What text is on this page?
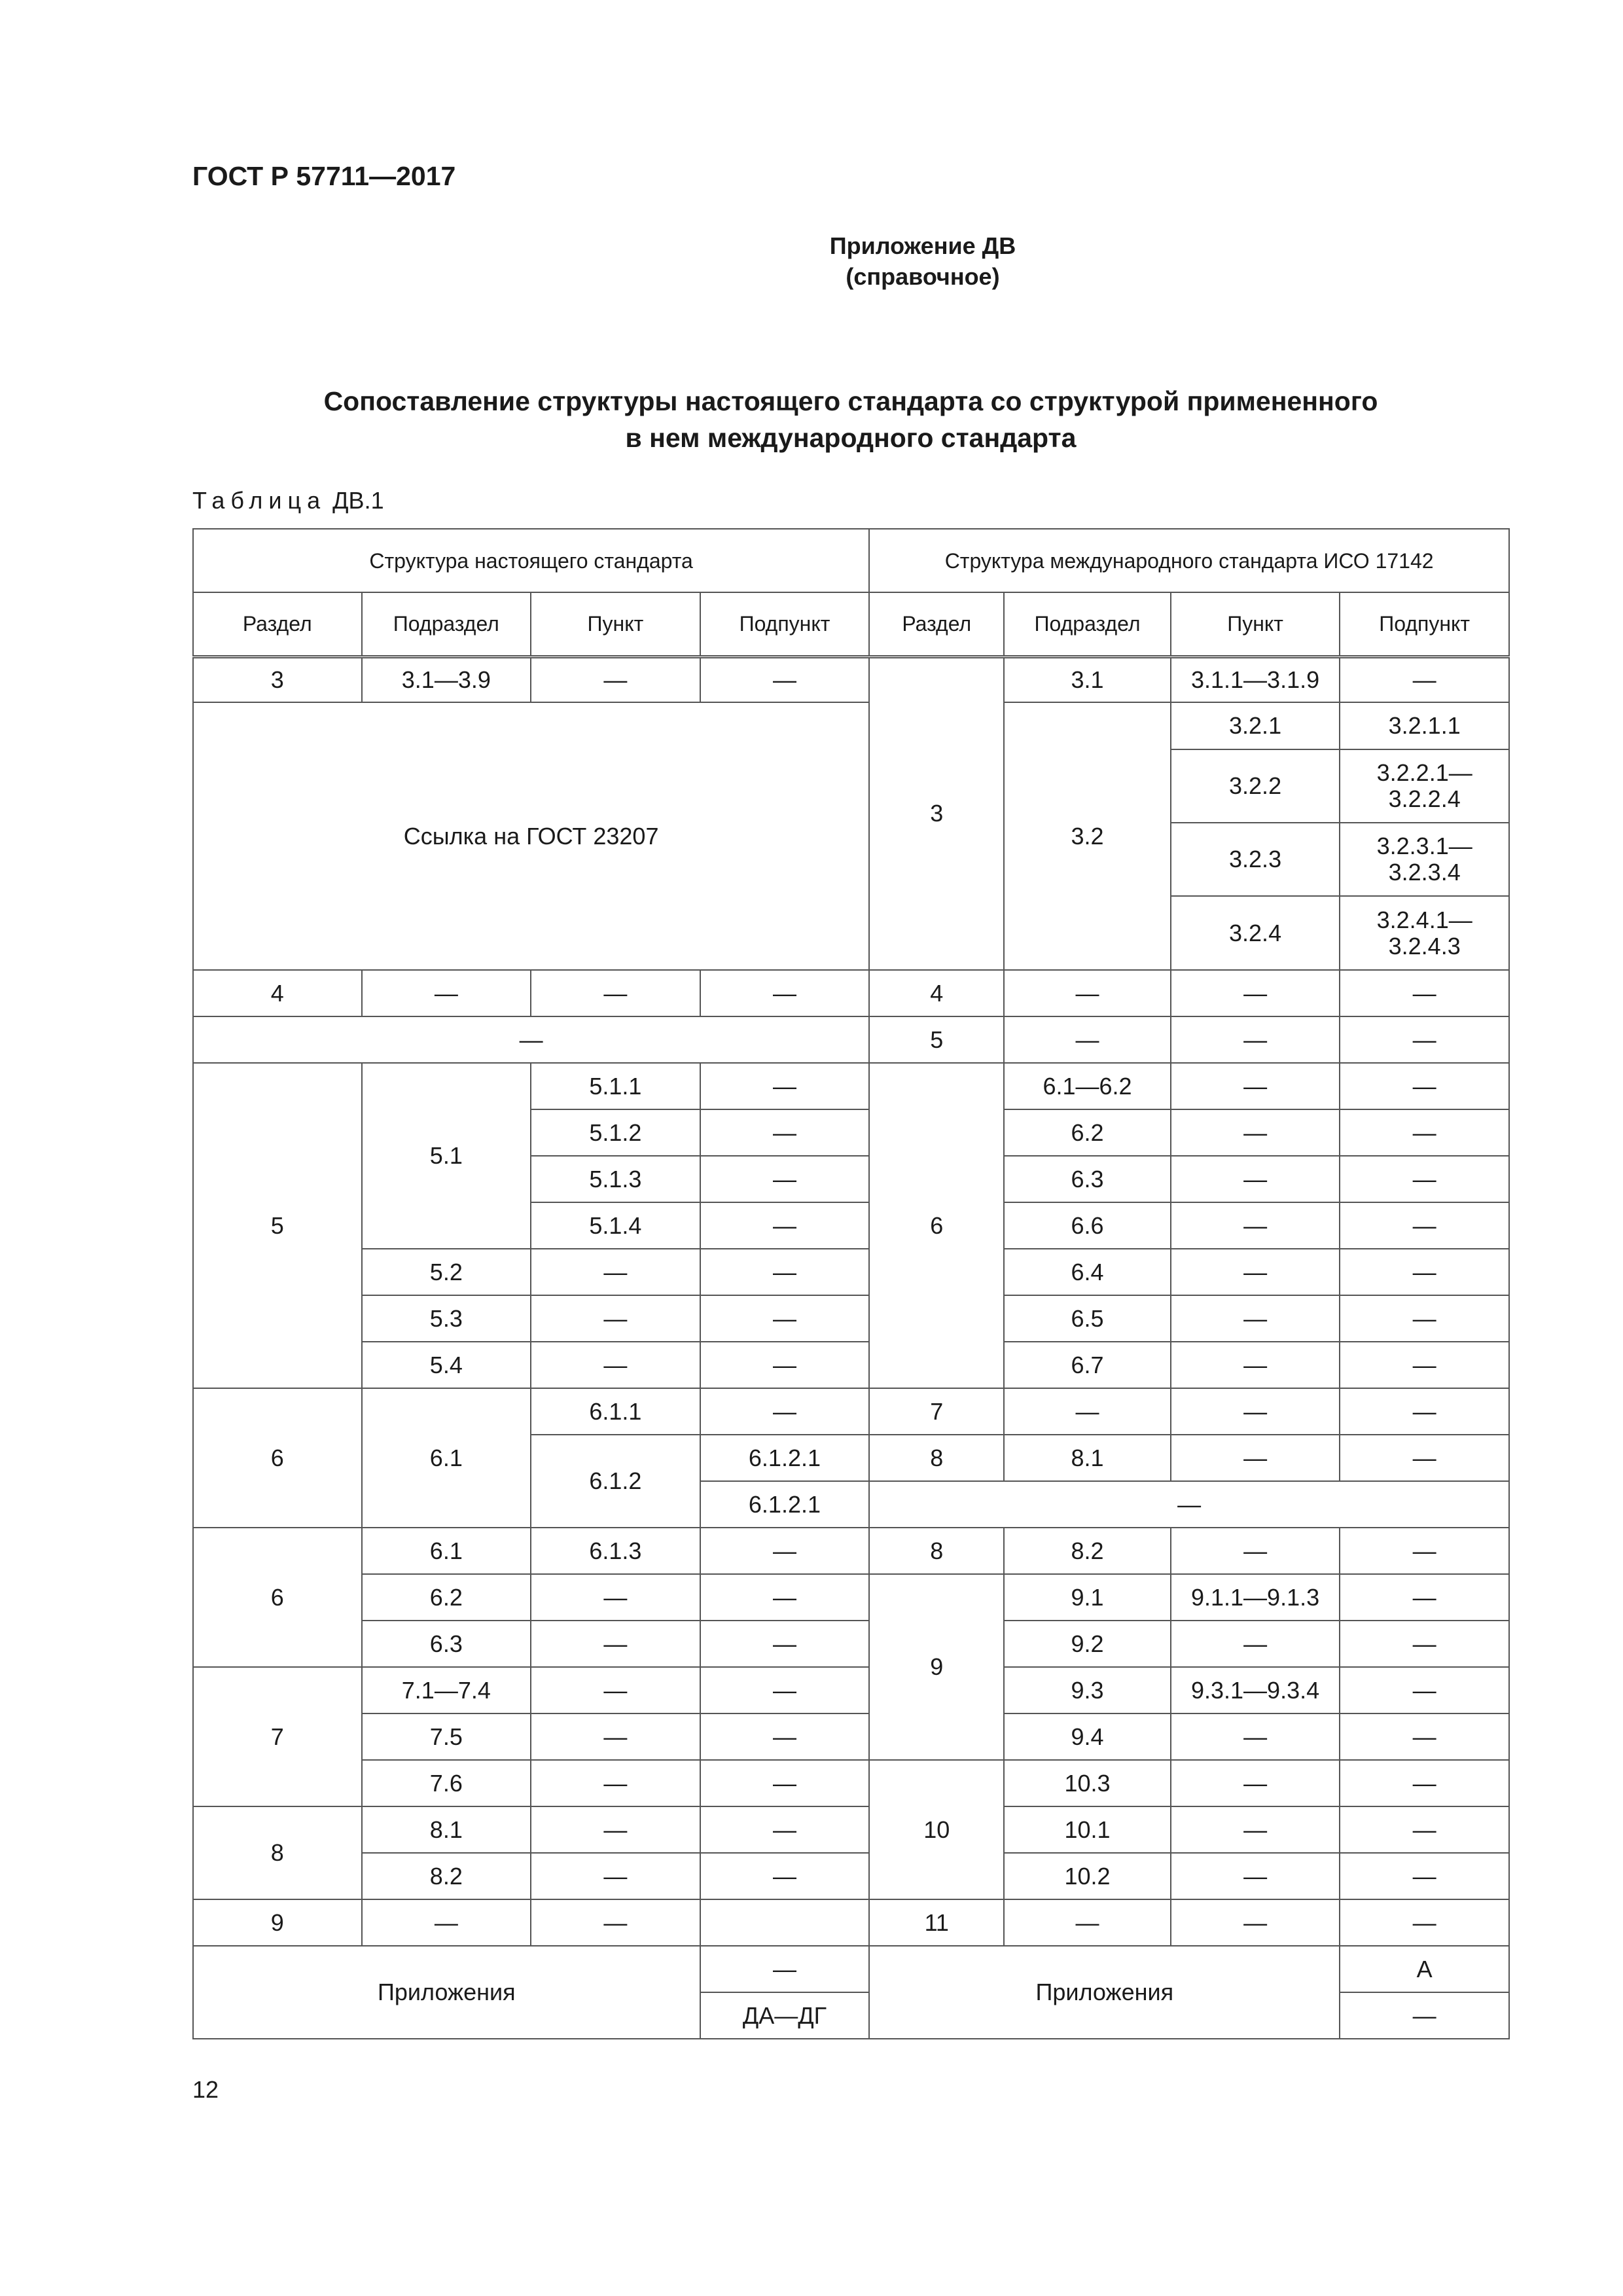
ГОСТ Р 57711—2017
Приложение ДВ
(справочное)
Сопоставление структуры настоящего стандарта со структурой примененного
в нем международного стандарта
Таблица ДВ.1
Структура настоящего стандарта				Структура международного стандарта ИСО 17142			
Раздел	Подраздел	Пункт	Подпункт	Раздел	Подраздел	Пункт	Подпункт
3	3.1—3.9	—	—	3	3.1	3.1.1—3.1.9	—
Ссылка на ГОСТ 23207					3.2	3.2.1	3.2.1.1
						3.2.2	3.2.2.1—
3.2.2.4

						3.2.3	3.2.3.1—
3.2.3.4

						3.2.4	3.2.4.1—
3.2.4.3

4	—	—	—	4	—	—	—
—				5	—	—	—
5	5.1	5.1.1	—	6	6.1—6.2	—	—
		5.1.2	—		6.2	—	—
		5.1.3	—		6.3	—	—
		5.1.4	—		6.6	—	—
	5.2	—	—		6.4	—	—
	5.3	—	—		6.5	—	—
	5.4	—	—		6.7	—	—
6	6.1	6.1.1	—	7	—	—	—
		6.1.2	6.1.2.1	8	8.1	—	—
			6.1.2.1	—			
6	6.1	6.1.3	—	8	8.2	—	—
	6.2	—	—	9	9.1	9.1.1—9.1.3	—
	6.3	—	—		9.2	—	—
7	7.1—7.4	—	—		9.3	9.3.1—9.3.4	—
	7.5	—	—		9.4	—	—
	7.6	—	—	10	10.3	—	—
8	8.1	—	—		10.1	—	—
	8.2	—	—		10.2	—	—
9	—	—		11	—	—	—
Приложения			—	Приложения			А
			ДА—ДГ				—
12
